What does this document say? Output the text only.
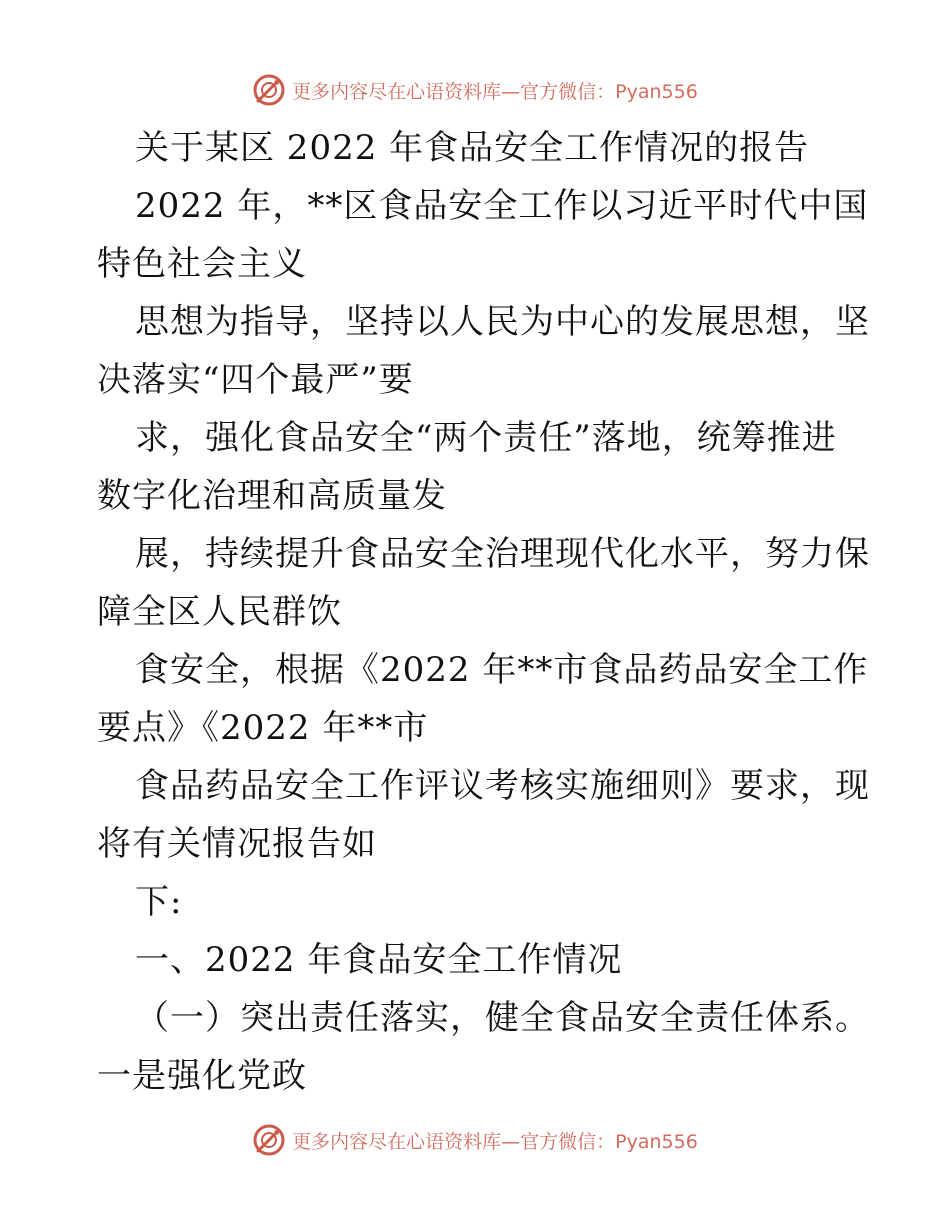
更多内容尽在心语资料库—官方微信：Pyan556
关于某区 2022 年食品安全工作情况的报告
2022 年，**区食品安全工作以习近平时代中国
特色社会主义
思想为指导，坚持以人民为中心的发展思想，坚
决落实“四个最严”要
求，强化食品安全“两个责任”落地，统筹推进
数字化治理和高质量发
展，持续提升食品安全治理现代化水平，努力保
障全区人民群饮
食安全，根据《2022 年**市食品药品安全工作
要点》《2022 年**市
食品药品安全工作评议考核实施细则》要求，现
将有关情况报告如
下:
一、2022 年食品安全工作情况
（一）突出责任落实，健全食品安全责任体系。
一是强化党政
更多内容尽在心语资料库—官方微信：Pyan556
